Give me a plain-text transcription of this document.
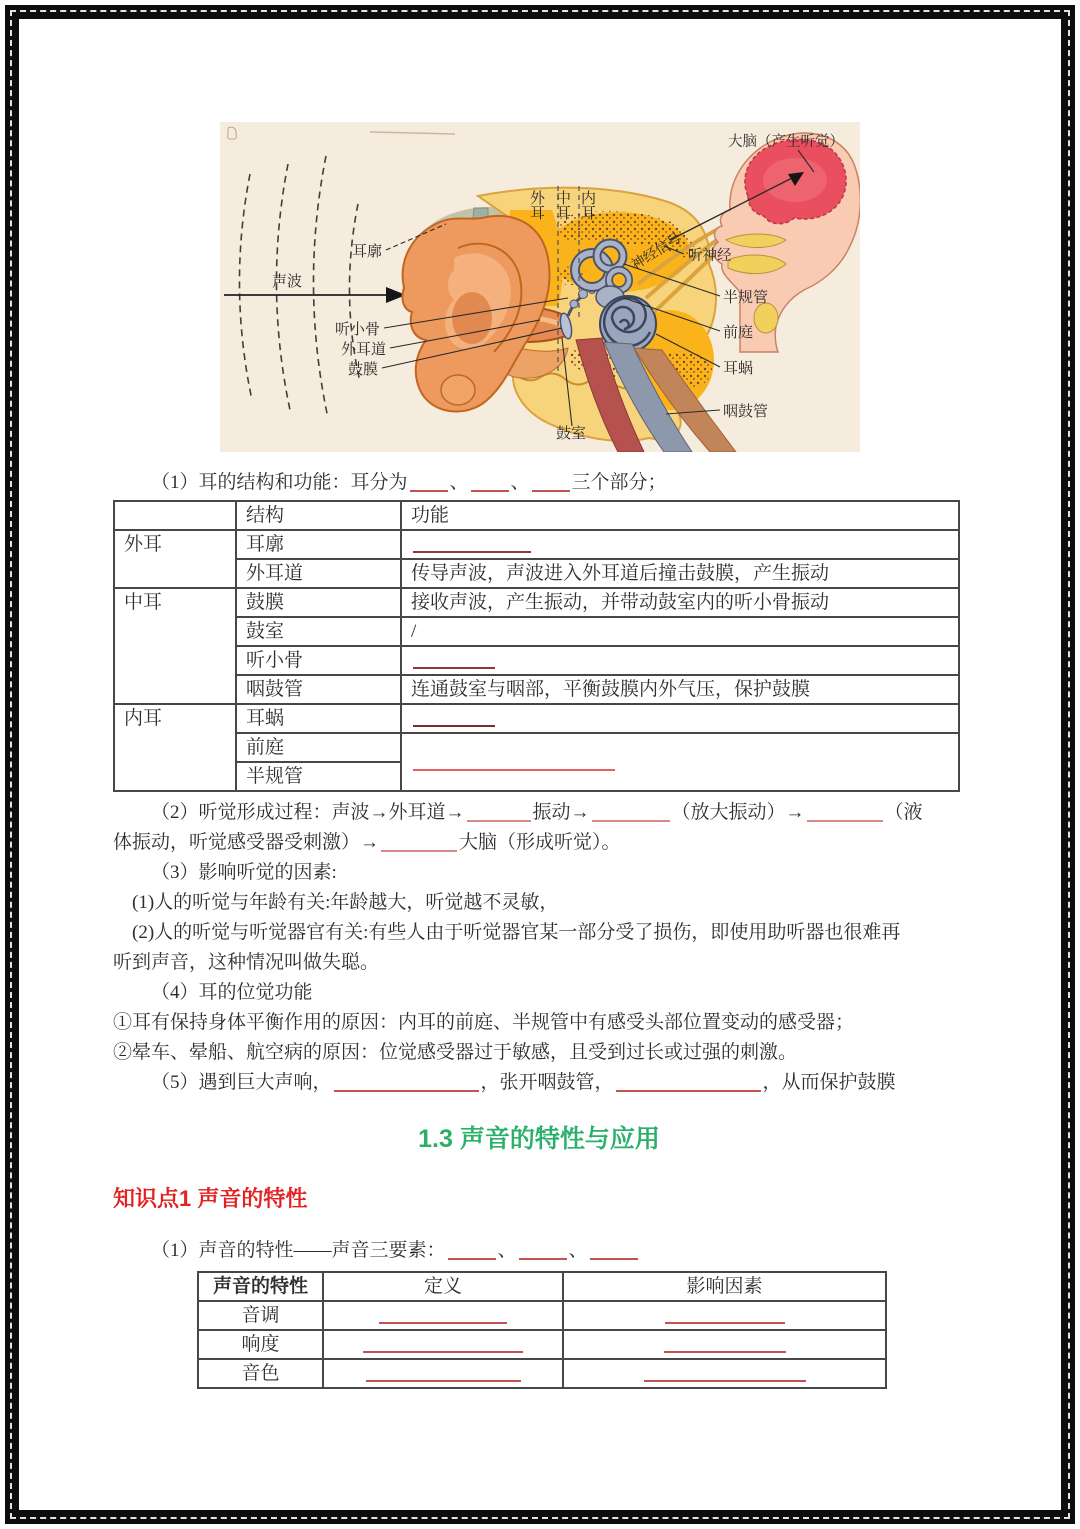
大脑（产生听觉）
神经信号 听神经
外耳 中耳 内耳
耳廓
声波
听小骨
外耳道
鼓膜
半规管
前庭
耳蜗
咽鼓管
鼓室

（1）耳的结构和功能：耳分为 、 、 三个部分；

	结构	功能
外耳	耳廓	
	外耳道	传导声波，声波进入外耳道后撞击鼓膜，产生振动
中耳	鼓膜	接收声波，产生振动，并带动鼓室内的听小骨振动
	鼓室	/
	听小骨	
	咽鼓管	连通鼓室与咽部，平衡鼓膜内外气压，保护鼓膜
内耳	耳蜗	
	前庭	
	半规管	

（2）听觉形成过程：声波→外耳道→	振动→	（放大振动）→	（液

体振动，听觉感受器受刺激）→	大脑（形成听觉）。

（3）影响听觉的因素:

(1)人的听觉与年龄有关:年龄越大，听觉越不灵敏，

(2)人的听觉与听觉器官有关:有些人由于听觉器官某一部分受了损伤，即使用助听器也很难再

听到声音，这种情况叫做失聪。

（4）耳的位觉功能

①耳有保持身体平衡作用的原因：内耳的前庭、半规管中有感受头部位置变动的感受器；

②晕车、晕船、航空病的原因：位觉感受器过于敏感，且受到过长或过强的刺激。

（5）遇到巨大声响，	，张开咽鼓管，	，从而保护鼓膜

1.3 声音的特性与应用
知识点1 声音的特性

（1）声音的特性——声音三要素：	、	、

声音的特性	定义	影响因素
音调		
响度		
音色		
